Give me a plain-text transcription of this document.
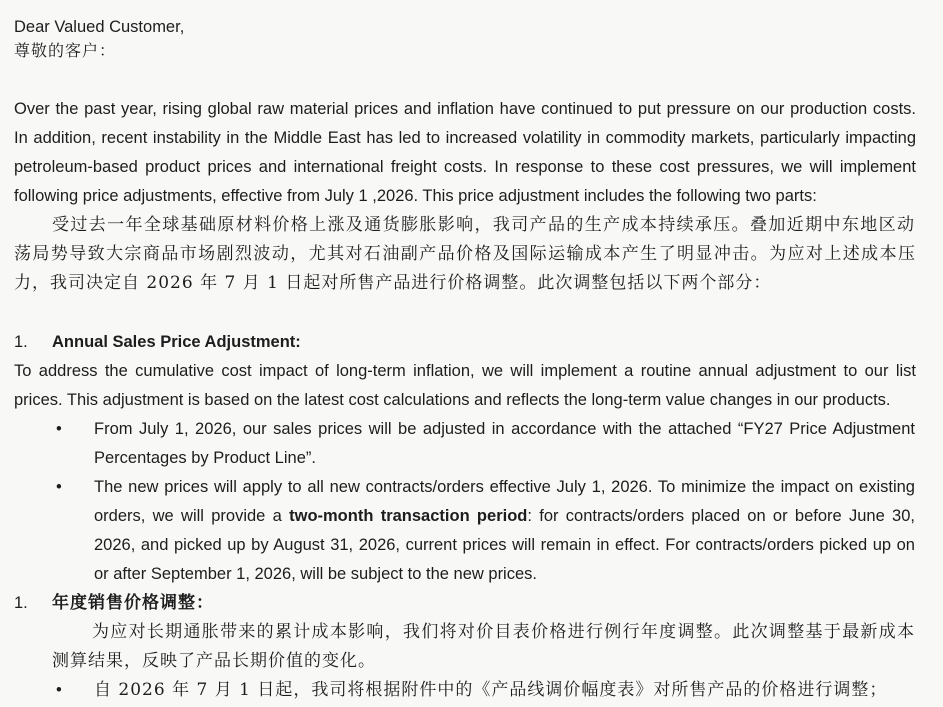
Dear Valued Customer,
尊敬的客户：
Over the past year, rising global raw material prices and inflation have continued to put pressure on our production costs.
In addition, recent instability in the Middle East has led to increased volatility in commodity markets, particularly impacting
petroleum-based product prices and international freight costs. In response to these cost pressures, we will implement
following price adjustments, effective from July 1 ,2026. This price adjustment includes the following two parts:
受过去一年全球基础原材料价格上涨及通货膨胀影响，我司产品的生产成本持续承压。叠加近期中东地区动
荡局势导致大宗商品市场剧烈波动，尤其对石油副产品价格及国际运输成本产生了明显冲击。为应对上述成本压
力，我司决定自 2026 年 7 月 1 日起对所售产品进行价格调整。此次调整包括以下两个部分：
1. Annual Sales Price Adjustment:
To address the cumulative cost impact of long-term inflation, we will implement a routine annual adjustment to our list
prices. This adjustment is based on the latest cost calculations and reflects the long-term value changes in our products.
• From July 1, 2026, our sales prices will be adjusted in accordance with the attached “FY27 Price Adjustment
Percentages by Product Line”.
• The new prices will apply to all new contracts/orders effective July 1, 2026. To minimize the impact on existing
orders, we will provide a two-month transaction period: for contracts/orders placed on or before June 30,
2026, and picked up by August 31, 2026, current prices will remain in effect. For contracts/orders picked up on
or after September 1, 2026, will be subject to the new prices.
1. 年度销售价格调整：
为应对长期通胀带来的累计成本影响，我们将对价目表价格进行例行年度调整。此次调整基于最新成本
测算结果，反映了产品长期价值的变化。
• 自 2026 年 7 月 1 日起，我司将根据附件中的《产品线调价幅度表》对所售产品的价格进行调整；
